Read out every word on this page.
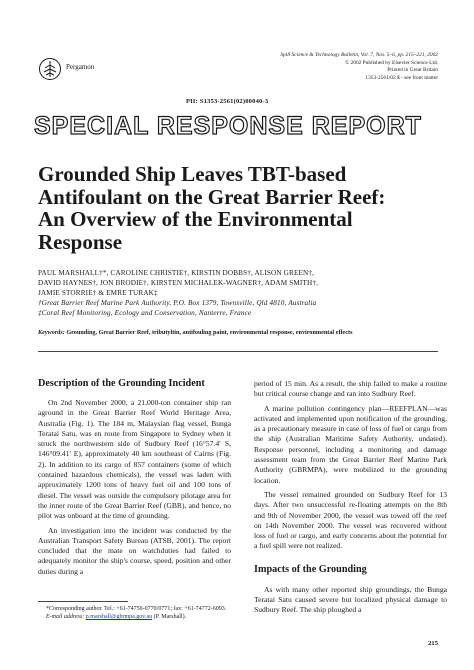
Pergamon
Spill Science & Technology Bulletin, Vol. 7, Nos. 5–6, pp. 215–221, 2002
© 2002 Published by Elsevier Science Ltd.
Printed in Great Britain
1353-2561/02 $ - see front matter
PII: S1353-2561(02)00040-3
SPECIAL RESPONSE REPORT
Grounded Ship Leaves TBT-based
Antifoulant on the Great Barrier Reef:
An Overview of the Environmental
Response
PAUL MARSHALL†*, CAROLINE CHRISTIE†, KIRSTIN DOBBS†, ALISON GREEN†,
DAVID HAYNES†, JON BRODIE†, KIRSTEN MICHALEK-WAGNER†, ADAM SMITH†,
JAMIE STORRIE† & EMRE TURAK‡
†Great Barrier Reef Marine Park Authority, P.O. Box 1379, Townsville, Qld 4810, Australia
‡Coral Reef Monitoring, Ecology and Conservation, Nanterre, France
Keywords: Grounding, Great Barrier Reef, tributyltin, antifouling paint, environmental response, environmental effects
Description of the Grounding Incident

On 2nd November 2000, a 21,000-ton container ship ran aground in the Great Barrier Reef World Heritage Area, Australia (Fig. 1). The 184 m, Malaysian flag vessel, Bunga Teratai Satu, was en route from Singapore to Sydney when it struck the northwestern side of Sudbury Reef (16°57.4′ S, 146°09.41′ E), approximately 40 km southeast of Cairns (Fig. 2). In addition to its cargo of 857 containers (some of which contained hazardous chemicals), the vessel was laden with approximately 1200 tons of heavy fuel oil and 100 tons of diesel. The vessel was outside the compulsory pilotage area for the inner route of the Great Barrier Reef (GBR), and hence, no pilot was onboard at the time of grounding.

An investigation into the incident was conducted by the Australian Transport Safety Bureau (ATSB, 2001). The report concluded that the mate on watchduties had failed to adequately monitor the ship's course, speed, position and other duties during a

period of 15 min. As a result, the ship failed to make a routine but critical course change and ran into Sudbury Reef.

A marine pollution contingency plan—REEFPLAN—was activated and implemented upon notification of the grounding, as a precautionary measure in case of loss of fuel or cargo from the ship (Australian Maritime Safety Authority, undated). Response personnel, including a monitoring and damage assessment team from the Great Barrier Reef Marine Park Authority (GBRMPA), were mobilized to the grounding location.

The vessel remained grounded on Sudbury Reef for 13 days. After two unsuccessful re-floating attempts on the 8th and 9th of November 2000, the vessel was towed off the reef on 14th November 2000. The vessel was recovered without loss of fuel or cargo, and early concerns about the potential for a fuel spill were not realized.

Impacts of the Grounding

As with many other reported ship groundings, the Bunga Teratai Satu caused severe but localized physical damage to Sudbury Reef. The ship ploughed a

*Corresponding author. Tel.: +61-74750-0770/0771; fax: +61-74772-6093.

E-mail address: p.marshall@gbrmpa.gov.au (P. Marshall).

215
